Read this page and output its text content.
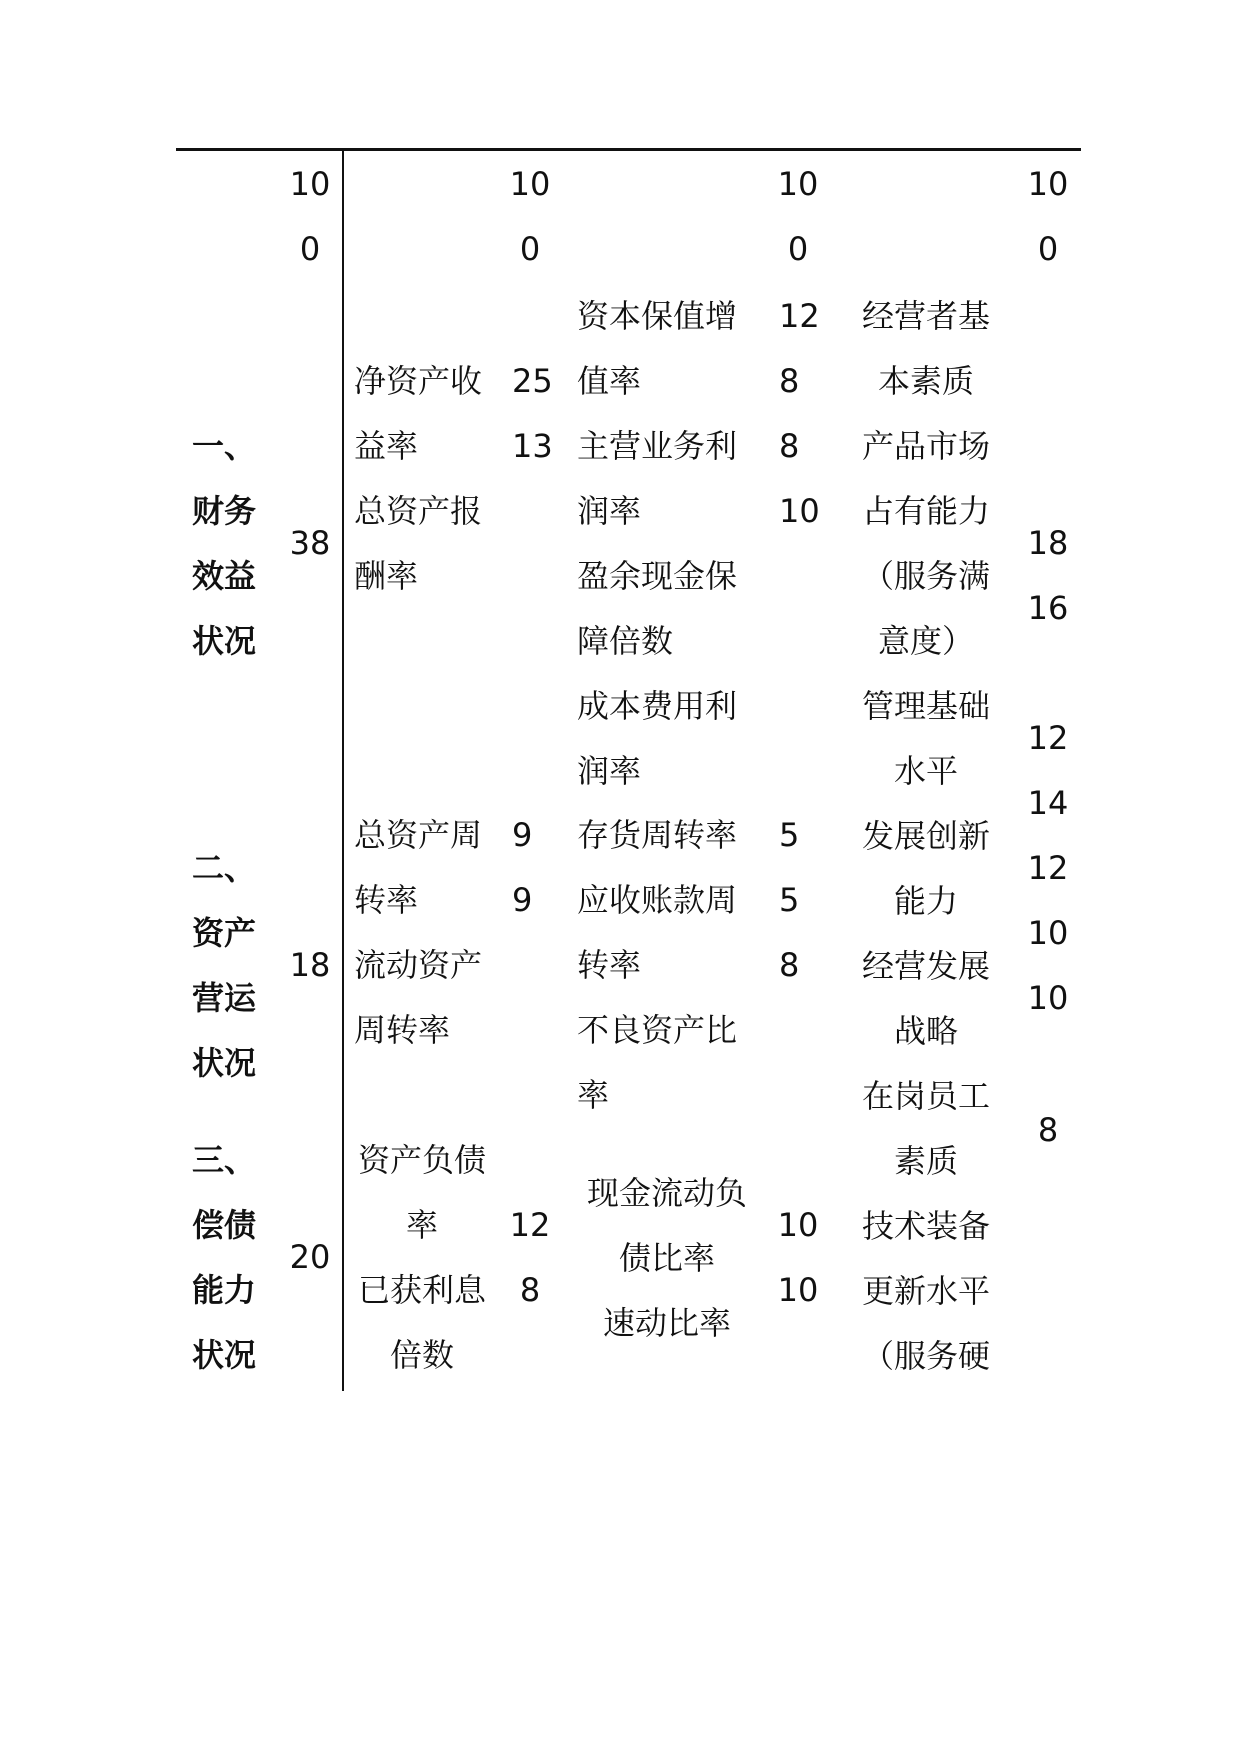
10
0
10
0
10
0
10
0
一、
财务
效益
状况
38
净资产收
益率
总资产报
酬率
25
13
资本保值增
值率
主营业务利
润率
盈余现金保
障倍数
成本费用利
润率
12
8
8
10
经营者基
本素质
产品市场
占有能力
（服务满
意度）
管理基础
水平
发展创新
能力
经营发展
战略
在岗员工
素质
技术装备
更新水平
（服务硬
18
16
12
14
12
10
10
8
二、
资产
营运
状况
18
总资产周
转率
流动资产
周转率
9
9
存货周转率
应收账款周
转率
不良资产比
率
5
5
8
三、
偿债
能力
状况
20
资产负债
率
已获利息
倍数
12
8
现金流动负
债比率
速动比率
10
10
